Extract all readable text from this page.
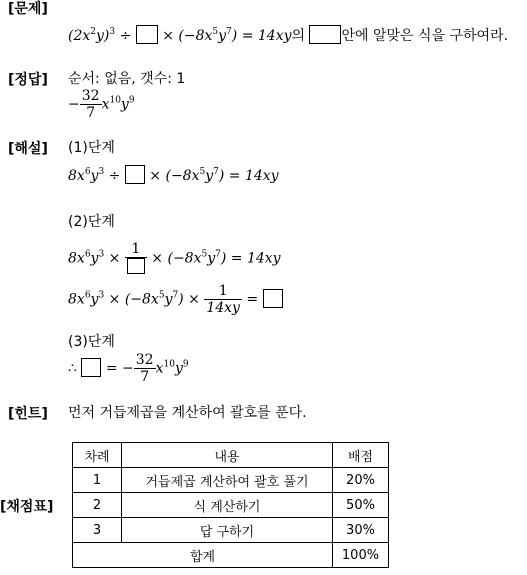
[문제]
$(2x^2y)^3$ ÷ × $(-8x^5y^7) = 14xy$의	안에 알맞은 식을 구하여라.
[정답] 순서: 없음, 갯수: 1
− $\frac{32}{7} x^{10}y^9$
[해설] (1)단계
$8x^6y^3$ ÷ × $(-8x^5y^7) = 14xy$
(2)단계
$8x^6y^3$ ×
1
× $(-8x^5y^7) = 14xy$
$8x^6y^3 \times (-8x^5y^7) \times \frac{1}{14xy}$ =
(3)단계
∴ = − $\frac{32}{7} x^{10}y^9$
[힌트] 먼저 거듭제곱을 계산하여 괄호를 푼다.
[채점표]
차례	내용	배점
1	거듭제곱 계산하여 괄호 풀기	20%
2	식 계산하기	50%
3	답 구하기	30%
합계		100%
